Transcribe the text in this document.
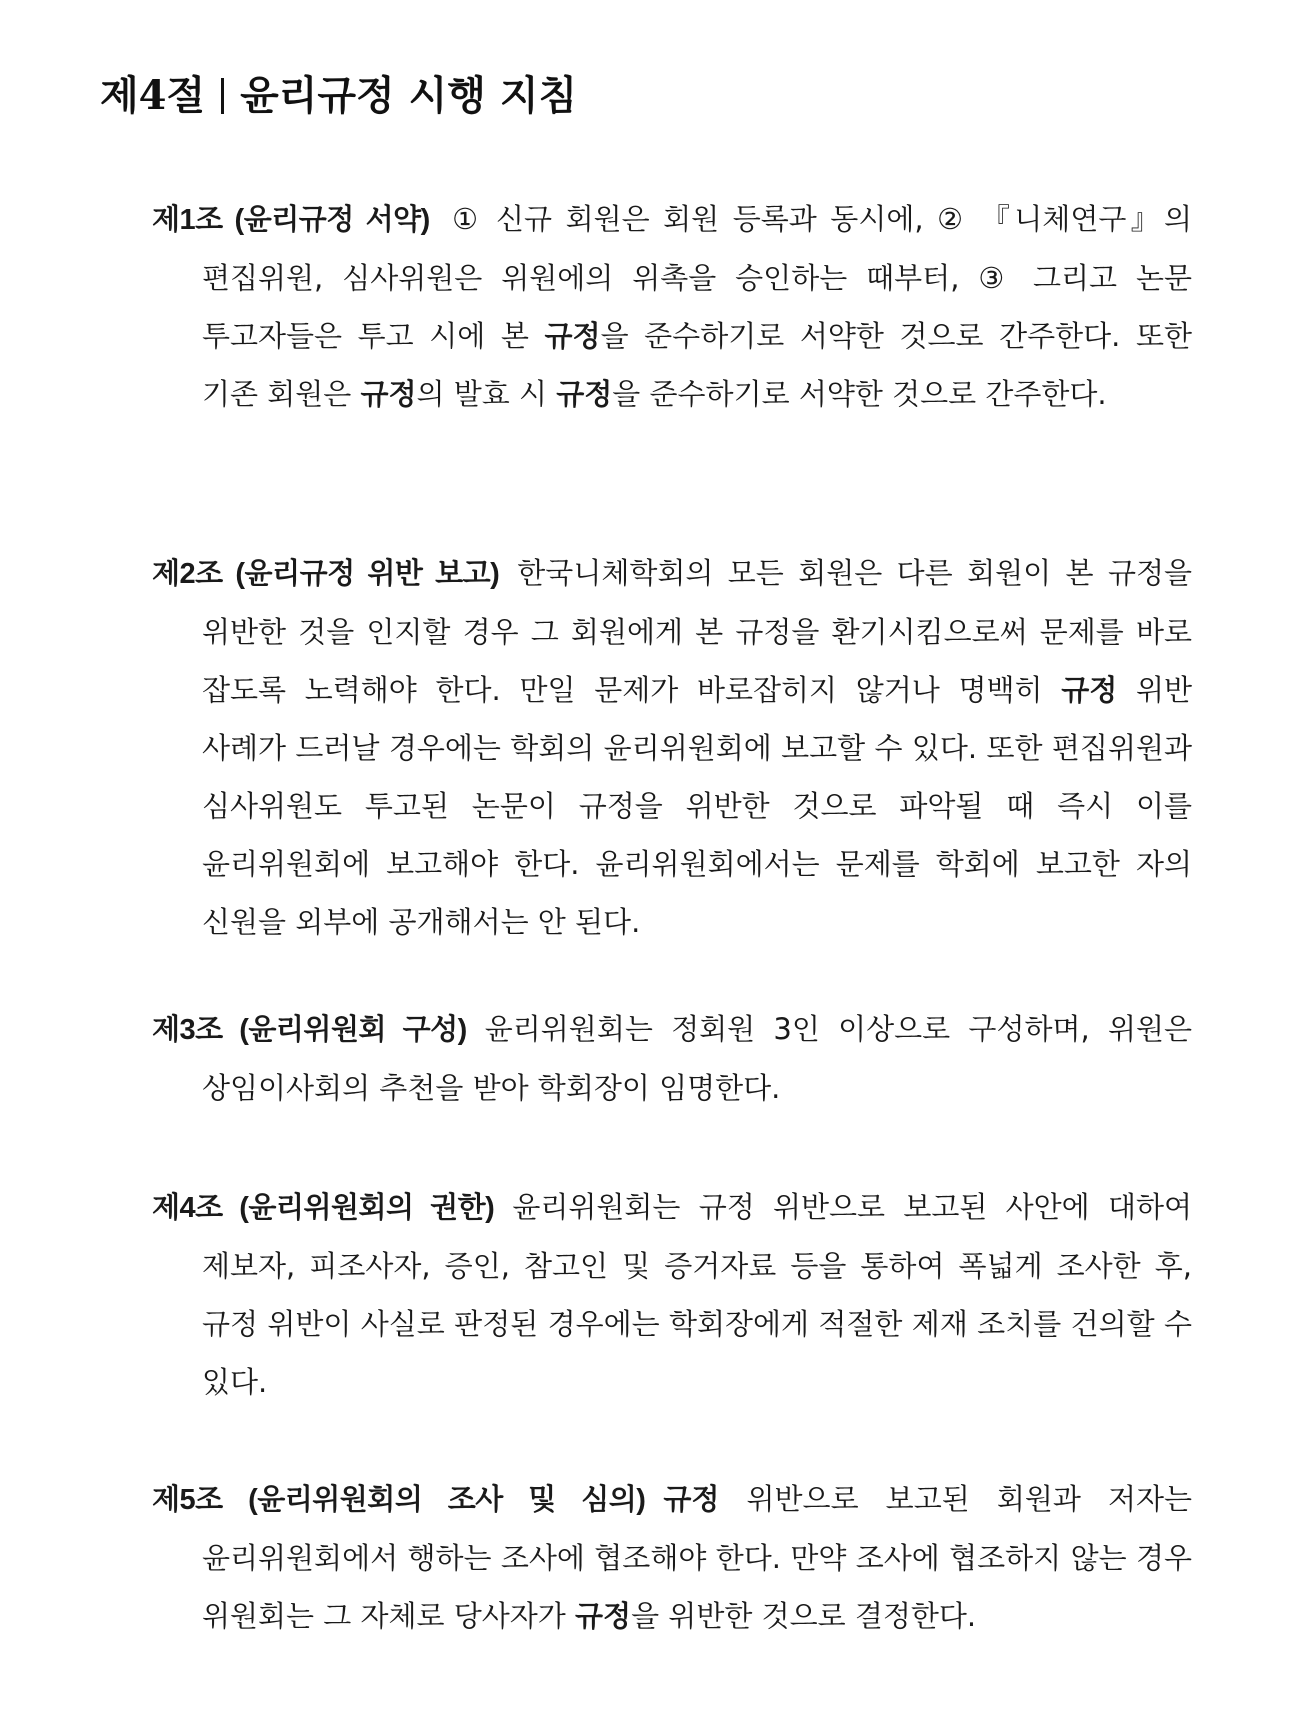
제4절 윤리규정 시행 지침

제1조 (윤리규정 서약) ① 신규 회원은 회원 등록과 동시에, ② 『니체연구』의 편집위원, 심사위원은 위원에의 위촉을 승인하는 때부터, ③ 그리고 논문 투고자들은 투고 시에 본 규정을 준수하기로 서약한 것으로 간주한다. 또한 기존 회원은 규정의 발효 시 규정을 준수하기로 서약한 것으로 간주한다.

제2조 (윤리규정 위반 보고) 한국니체학회의 모든 회원은 다른 회원이 본 규정을 위반한 것을 인지할 경우 그 회원에게 본 규정을 환기시킴으로써 문제를 바로 잡도록 노력해야 한다. 만일 문제가 바로잡히지 않거나 명백히 규정 위반 사례가 드러날 경우에는 학회의 윤리위원회에 보고할 수 있다. 또한 편집위원과 심사위원도 투고된 논문이 규정을 위반한 것으로 파악될 때 즉시 이를 윤리위원회에 보고해야 한다. 윤리위원회에서는 문제를 학회에 보고한 자의 신원을 외부에 공개해서는 안 된다.

제3조 (윤리위원회 구성) 윤리위원회는 정회원 3인 이상으로 구성하며, 위원은 상임이사회의 추천을 받아 학회장이 임명한다.

제4조 (윤리위원회의 권한) 윤리위원회는 규정 위반으로 보고된 사안에 대하여 제보자, 피조사자, 증인, 참고인 및 증거자료 등을 통하여 폭넓게 조사한 후, 규정 위반이 사실로 판정된 경우에는 학회장에게 적절한 제재 조치를 건의할 수 있다.

제5조 (윤리위원회의 조사 및 심의) 규정 위반으로 보고된 회원과 저자는 윤리위원회에서 행하는 조사에 협조해야 한다. 만약 조사에 협조하지 않는 경우 위원회는 그 자체로 당사자가 규정을 위반한 것으로 결정한다.
